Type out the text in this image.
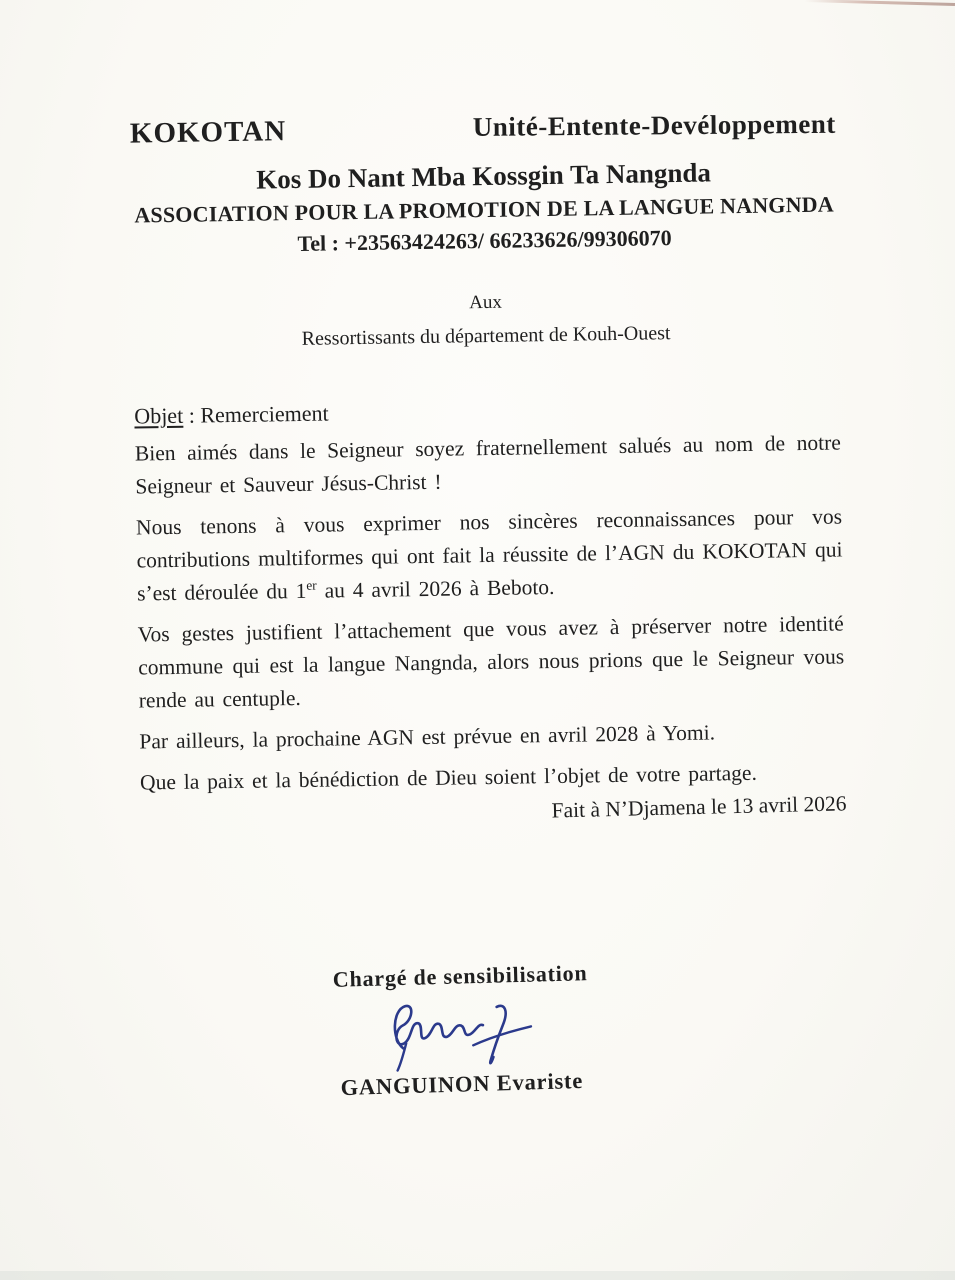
KOKOTAN	Unité-Entente-Devéloppement
Kos Do Nant Mba Kossgin Ta Nangnda
ASSOCIATION POUR LA PROMOTION DE LA LANGUE NANGNDA
Tel : +23563424263/ 66233626/99306070
Aux
Ressortissants du département de Kouh-Ouest
Objet : Remerciement

Bien aimés dans le Seigneur soyez fraternellement salués au nom de notre Seigneur et Sauveur Jésus-Christ !

Nous tenons à vous exprimer nos sincères reconnaissances pour vos contributions multiformes qui ont fait la réussite de l’AGN du KOKOTAN qui s’est déroulée du 1er au 4 avril 2026 à Beboto.

Vos gestes justifient l’attachement que vous avez à préserver notre identité commune qui est la langue Nangnda, alors nous prions que le Seigneur vous rende au centuple.

Par ailleurs, la prochaine AGN est prévue en avril 2028 à Yomi.

Que la paix et la bénédiction de Dieu soient l’objet de votre partage.

Fait à N’Djamena le 13 avril 2026
Chargé de sensibilisation
GANGUINON Evariste
